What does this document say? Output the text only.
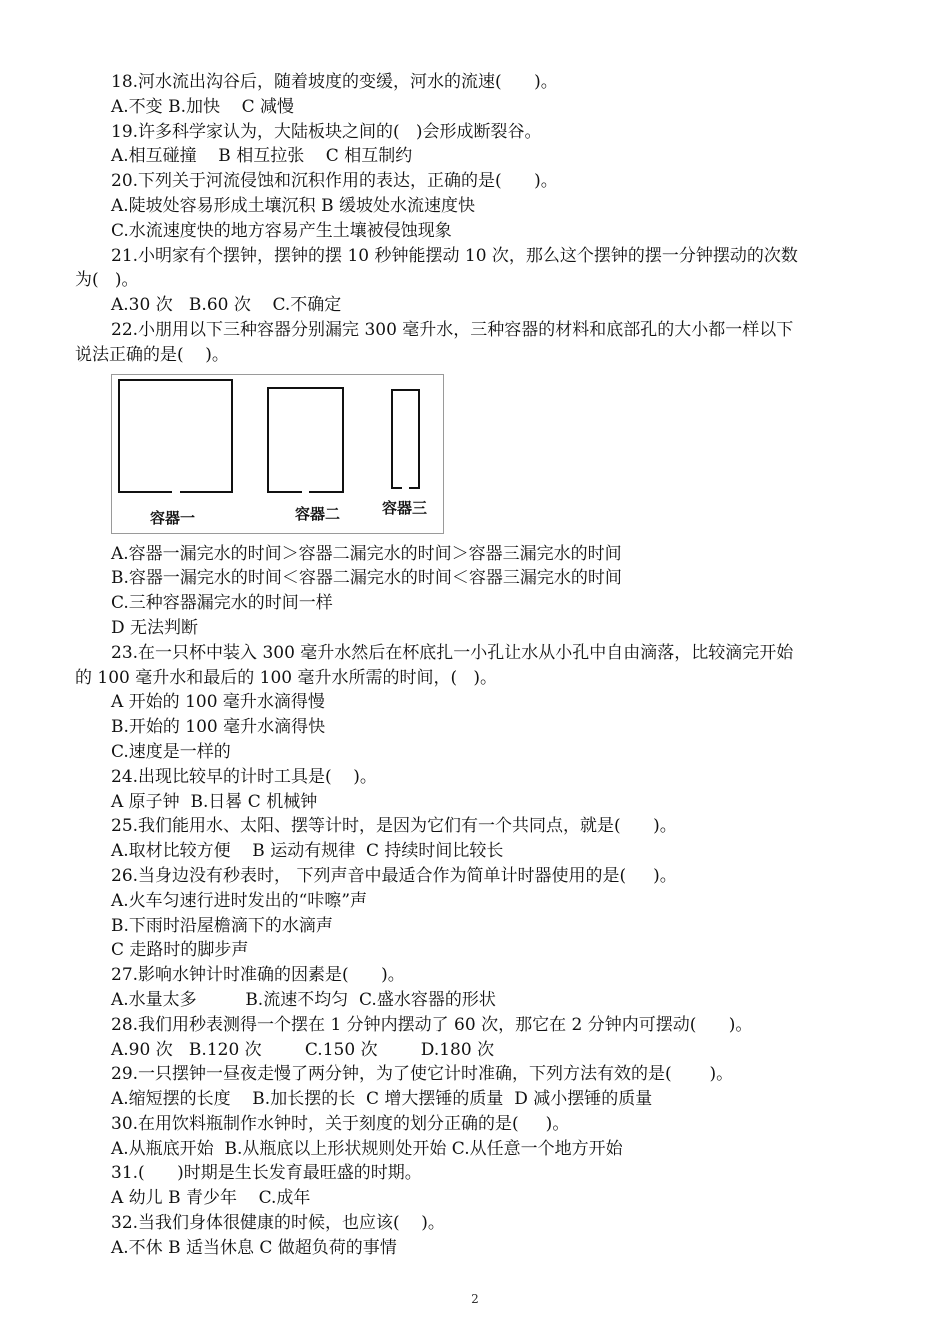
18.河水流出沟谷后，随着坡度的变缓，河水的流速(      )。
A.不变 B.加快    C 减慢
19.许多科学家认为，大陆板块之间的(   )会形成断裂谷。
A.相互碰撞    B 相互拉张    C 相互制约
20.下列关于河流侵蚀和沉积作用的表达，正确的是(      )。
A.陡坡处容易形成土壤沉积 B 缓坡处水流速度快
C.水流速度快的地方容易产生土壤被侵蚀现象
21.小明家有个摆钟，摆钟的摆 10 秒钟能摆动 10 次，那么这个摆钟的摆一分钟摆动的次数
为(   )。
A.30 次   B.60 次    C.不确定
22.小朋用以下三种容器分别漏完 300 毫升水，三种容器的材料和底部孔的大小都一样以下
说法正确的是(    )。
容器一	容器二	容器三
A.容器一漏完水的时间＞容器二漏完水的时间＞容器三漏完水的时间
B.容器一漏完水的时间＜容器二漏完水的时间＜容器三漏完水的时间
C.三种容器漏完水的时间一样
D 无法判断
23.在一只杯中装入 300 毫升水然后在杯底扎一小孔让水从小孔中自由滴落，比较滴完开始
的 100 毫升水和最后的 100 毫升水所需的时间，(   )。
A 开始的 100 毫升水滴得慢
B.开始的 100 毫升水滴得快
C.速度是一样的
24.出现比较早的计时工具是(    )。
A 原子钟  B.日晷 C 机械钟
25.我们能用水、太阳、摆等计时，是因为它们有一个共同点，就是(      )。
A.取材比较方便    B 运动有规律  C 持续时间比较长
26.当身边没有秒表时， 下列声音中最适合作为简单计时器使用的是(     )。
A.火车匀速行进时发出的“咔嚓”声
B.下雨时沿屋檐滴下的水滴声
C 走路时的脚步声
27.影响水钟计时准确的因素是(      )。
A.水量太多         B.流速不均匀  C.盛水容器的形状
28.我们用秒表测得一个摆在 1 分钟内摆动了 60 次，那它在 2 分钟内可摆动(      )。
A.90 次   B.120 次        C.150 次        D.180 次
29.一只摆钟一昼夜走慢了两分钟，为了使它计时准确，下列方法有效的是(       )。
A.缩短摆的长度    B.加长摆的长  C 增大摆锤的质量  D 减小摆锤的质量
30.在用饮料瓶制作水钟时，关于刻度的划分正确的是(     )。
A.从瓶底开始  B.从瓶底以上形状规则处开始 C.从任意一个地方开始
31.(      )时期是生长发育最旺盛的时期。
A 幼儿 B 青少年    C.成年
32.当我们身体很健康的时候，也应该(    )。
A.不休 B 适当休息 C 做超负荷的事情
2
